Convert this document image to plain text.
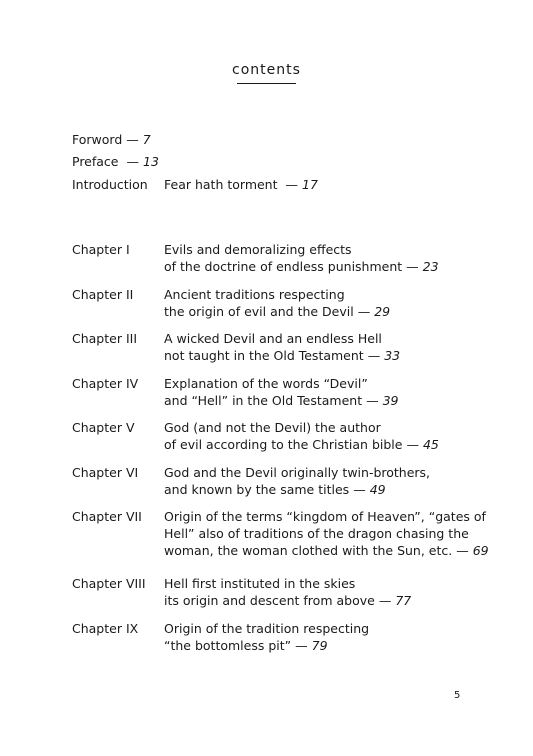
contents
Forword — 7
Preface — 13
Introduction Fear hath torment — 17
Chapter I	Evils and demoralizing effects
of the doctrine of endless punishment — 23
Chapter II Ancient traditions respecting
the origin of evil and the Devil — 29
Chapter III A wicked Devil and an endless Hell
not taught in the Old Testament — 33
Chapter IV Explanation of the words “Devil”
and “Hell” in the Old Testament — 39
Chapter V God (and not the Devil) the author
of evil according to the Christian bible — 45
Chapter VI God and the Devil originally twin-brothers,
and known by the same titles — 49
Chapter VII Origin of the terms “kingdom of Heaven”, “gates of
Hell” also of traditions of the dragon chasing the
woman, the woman clothed with the Sun, etc. — 69
Chapter VIII Hell first instituted in the skies
its origin and descent from above — 77
Chapter IX Origin of the tradition respecting
“the bottomless pit” — 79
5
